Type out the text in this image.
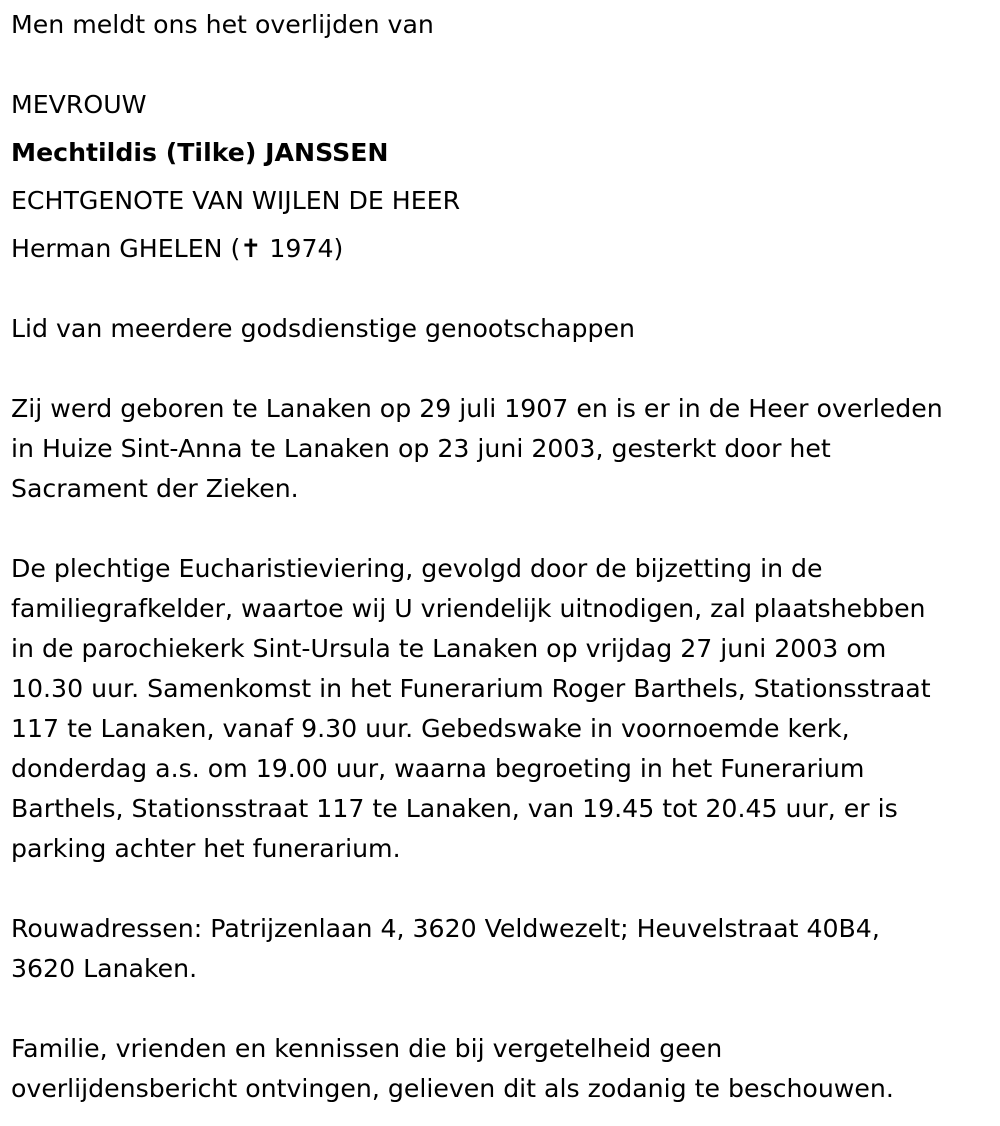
Men meldt ons het overlijden van
MEVROUW
Mechtildis (Tilke) JANSSEN
ECHTGENOTE VAN WIJLEN DE HEER
Herman GHELEN (✝ 1974)
Lid van meerdere godsdienstige genootschappen
Zij werd geboren te Lanaken op 29 juli 1907 en is er in de Heer overleden
in Huize Sint-Anna te Lanaken op 23 juni 2003, gesterkt door het
Sacrament der Zieken.
De plechtige Eucharistieviering, gevolgd door de bijzetting in de
familiegrafkelder, waartoe wij U vriendelijk uitnodigen, zal plaatshebben
in de parochiekerk Sint-Ursula te Lanaken op vrijdag 27 juni 2003 om
10.30 uur. Samenkomst in het Funerarium Roger Barthels, Stationsstraat
117 te Lanaken, vanaf 9.30 uur. Gebedswake in voornoemde kerk,
donderdag a.s. om 19.00 uur, waarna begroeting in het Funerarium
Barthels, Stationsstraat 117 te Lanaken, van 19.45 tot 20.45 uur, er is
parking achter het funerarium.
Rouwadressen: Patrijzenlaan 4, 3620 Veldwezelt; Heuvelstraat 40B4,
3620 Lanaken.
Familie, vrienden en kennissen die bij vergetelheid geen
overlijdensbericht ontvingen, gelieven dit als zodanig te beschouwen.
